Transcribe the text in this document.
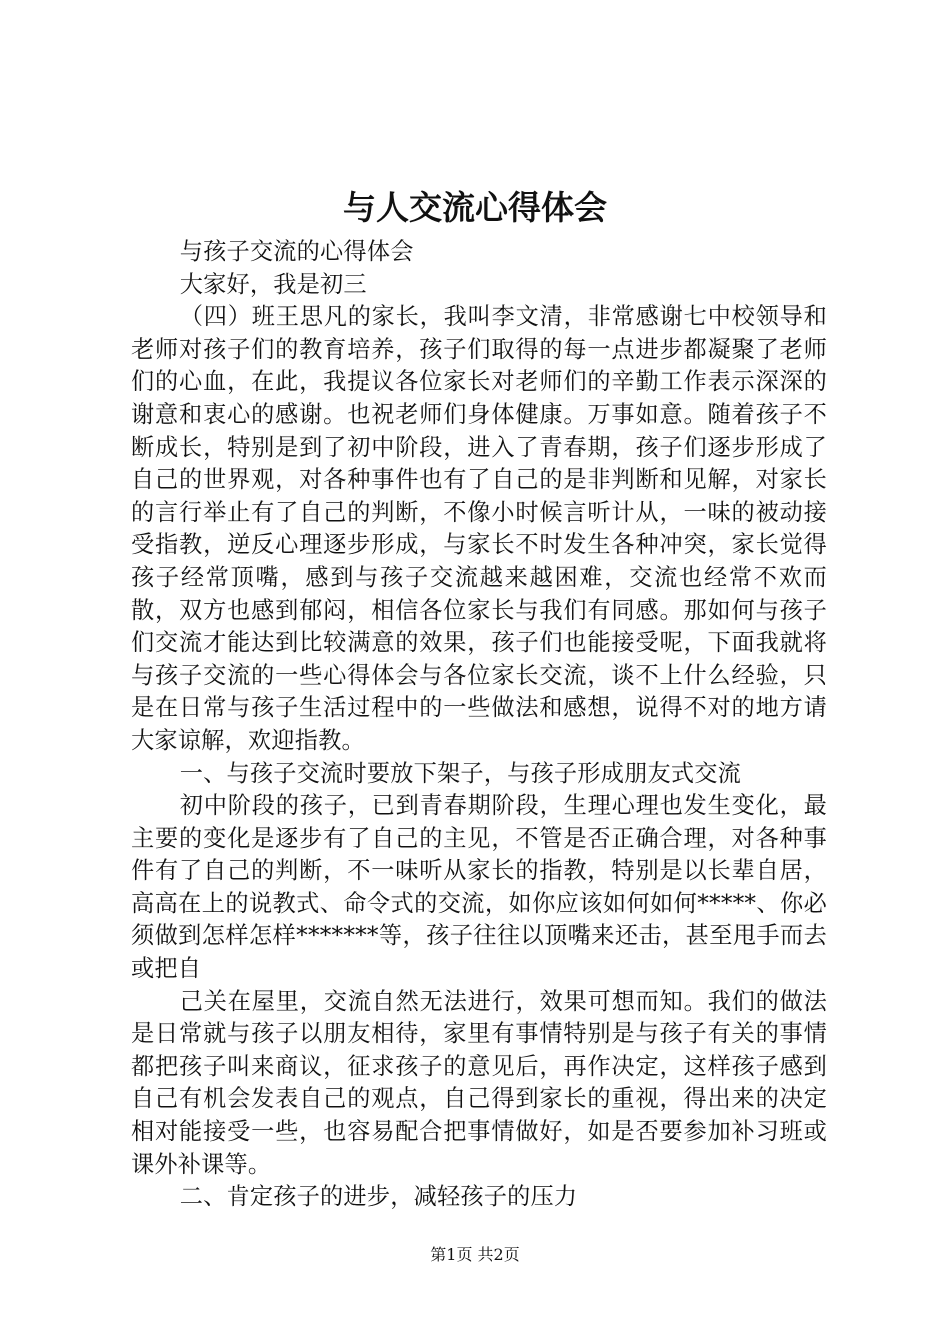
与人交流心得体会

与孩子交流的心得体会

大家好，我是初三

（四）班王思凡的家长，我叫李文清，非常感谢七中校领导和老师对孩子们的教育培养，孩子们取得的每一点进步都凝聚了老师们的心血，在此，我提议各位家长对老师们的辛勤工作表示深深的谢意和衷心的感谢。也祝老师们身体健康。万事如意。随着孩子不断成长，特别是到了初中阶段，进入了青春期，孩子们逐步形成了自己的世界观，对各种事件也有了自己的是非判断和见解，对家长的言行举止有了自己的判断，不像小时候言听计从，一味的被动接受指教，逆反心理逐步形成，与家长不时发生各种冲突，家长觉得孩子经常顶嘴，感到与孩子交流越来越困难，交流也经常不欢而散，双方也感到郁闷，相信各位家长与我们有同感。那如何与孩子们交流才能达到比较满意的效果，孩子们也能接受呢，下面我就将与孩子交流的一些心得体会与各位家长交流，谈不上什么经验，只是在日常与孩子生活过程中的一些做法和感想，说得不对的地方请大家谅解，欢迎指教。

一、与孩子交流时要放下架子，与孩子形成朋友式交流

初中阶段的孩子，已到青春期阶段，生理心理也发生变化，最主要的变化是逐步有了自己的主见，不管是否正确合理，对各种事件有了自己的判断，不一味听从家长的指教，特别是以长辈自居，高高在上的说教式、命令式的交流，如你应该如何如何*****、你必须做到怎样怎样*******等，孩子往往以顶嘴来还击，甚至甩手而去或把自

己关在屋里，交流自然无法进行，效果可想而知。我们的做法是日常就与孩子以朋友相待，家里有事情特别是与孩子有关的事情都把孩子叫来商议，征求孩子的意见后，再作决定，这样孩子感到自己有机会发表自己的观点，自己得到家长的重视，得出来的决定相对能接受一些，也容易配合把事情做好，如是否要参加补习班或课外补课等。

二、肯定孩子的进步，减轻孩子的压力

第1页 共2页
